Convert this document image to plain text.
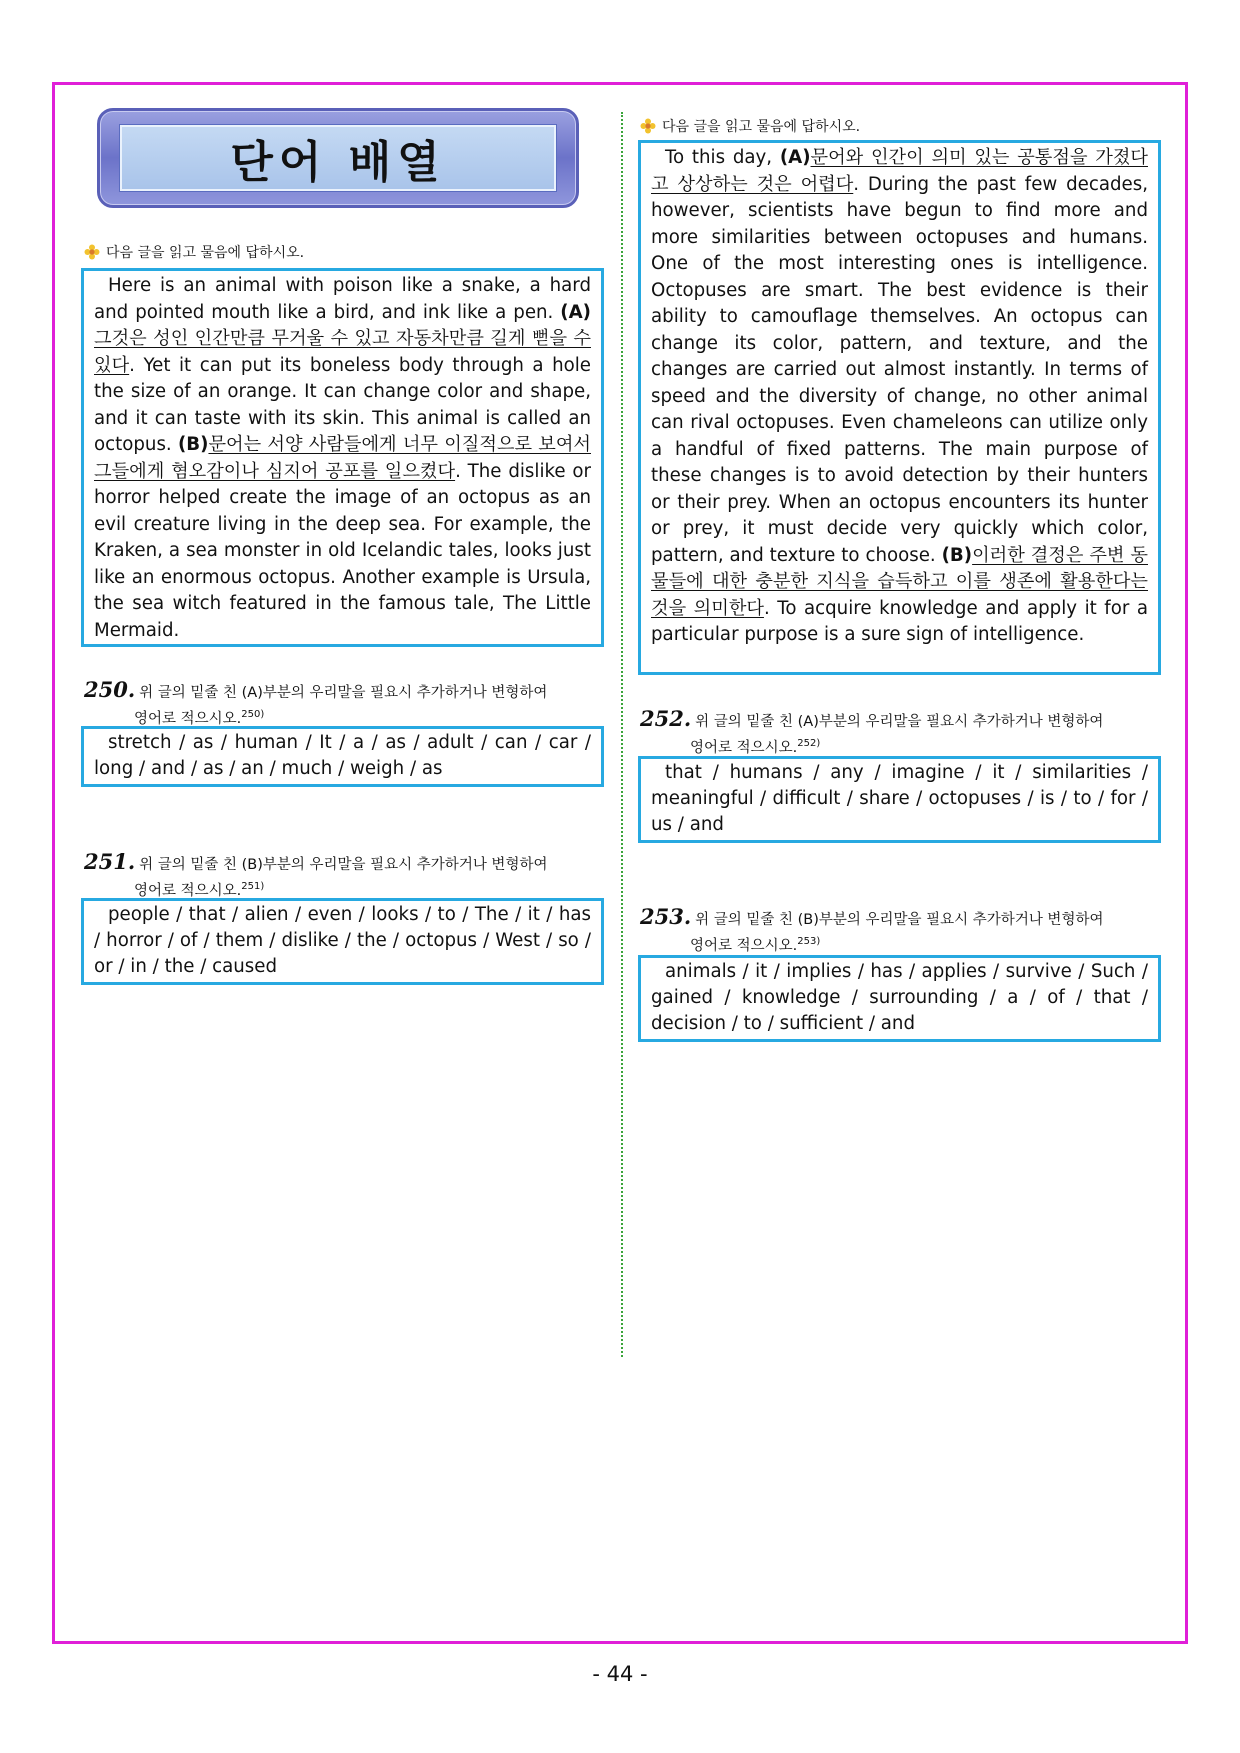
단어 배열
다음 글을 읽고 물음에 답하시오.

Here is an animal with poison like a snake, a hard and pointed mouth like a bird, and ink like a pen. (A)그것은 성인 인간만큼 무거울 수 있고 자동차만큼 길게 뻗을 수 있다. Yet it can put its boneless body through a hole the size of an orange. It can change color and shape, and it can taste with its skin. This animal is called an octopus. (B)문어는 서양 사람들에게 너무 이질적으로 보여서 그들에게 혐오감이나 심지어 공포를 일으켰다. The dislike or horror helped create the image of an octopus as an evil creature living in the deep sea. For example, the Kraken, a sea monster in old Icelandic tales, looks just like an enormous octopus. Another example is Ursula, the sea witch featured in the famous tale, The Little Mermaid.

250. 위 글의 밑줄 친 (A)부분의 우리말을 필요시 추가하거나 변형하여
영어로 적으시오.$^{250)}$

stretch / as / human / It / a / as / adult / can / car / long / and / as / an / much / weigh / as

251. 위 글의 밑줄 친 (B)부분의 우리말을 필요시 추가하거나 변형하여
영어로 적으시오.$^{251)}$

people / that / alien / even / looks / to / The / it / has / horror / of / them / dislike / the / octopus / West / so / or / in / the / caused

다음 글을 읽고 물음에 답하시오.

To this day, (A)문어와 인간이 의미 있는 공통점을 가졌다고 상상하는 것은 어렵다. During the past few decades, however, scientists have begun to find more and more similarities between octopuses and humans. One of the most interesting ones is intelligence. Octopuses are smart. The best evidence is their ability to camouflage themselves. An octopus can change its color, pattern, and texture, and the changes are carried out almost instantly. In terms of speed and the diversity of change, no other animal can rival octopuses. Even chameleons can utilize only a handful of fixed patterns. The main purpose of these changes is to avoid detection by their hunters or their prey. When an octopus encounters its hunter or prey, it must decide very quickly which color, pattern, and texture to choose. (B)이러한 결정은 주변 동물들에 대한 충분한 지식을 습득하고 이를 생존에 활용한다는 것을 의미한다. To acquire knowledge and apply it for a particular purpose is a sure sign of intelligence.

252. 위 글의 밑줄 친 (A)부분의 우리말을 필요시 추가하거나 변형하여
영어로 적으시오.$^{252)}$

that / humans / any / imagine / it / similarities / meaningful / difficult / share / octopuses / is / to / for / us / and

253. 위 글의 밑줄 친 (B)부분의 우리말을 필요시 추가하거나 변형하여
영어로 적으시오.$^{253)}$

animals / it / implies / has / applies / survive / Such / gained / knowledge / surrounding / a / of / that / decision / to / sufficient / and

- 44 -
